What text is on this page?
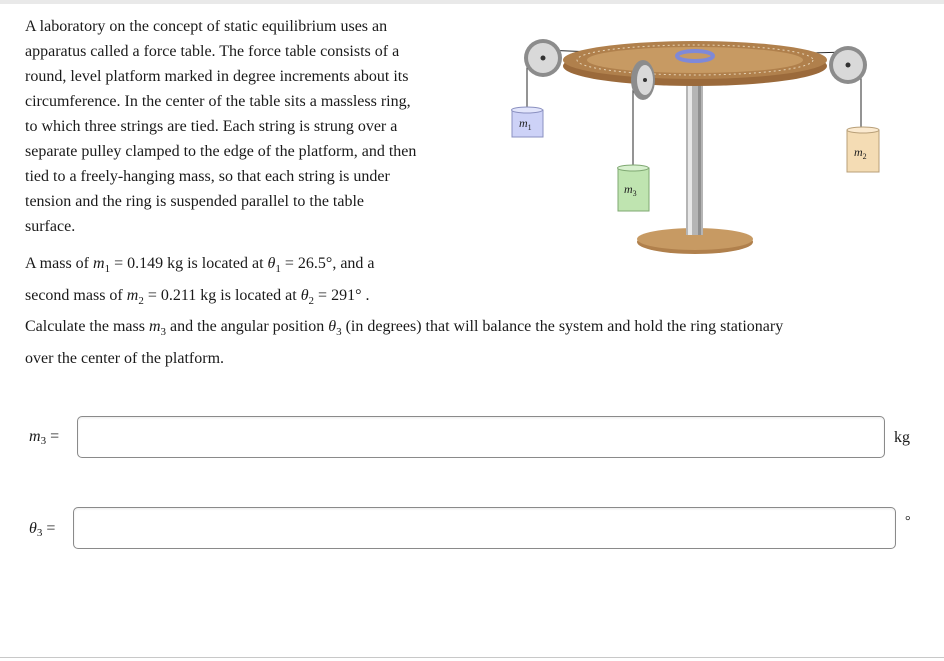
A laboratory on the concept of static equilibrium uses an
apparatus called a force table. The force table consists of a
round, level platform marked in degree increments about its
circumference. In the center of the table sits a massless ring,
to which three strings are tied. Each string is strung over a
separate pulley clamped to the edge of the platform, and then
tied to a freely-hanging mass, so that each string is under
tension and the ring is suspended parallel to the table
surface.
$m_1$
$m_2$
$m_3$
A mass of $m_1 = 0.149$ kg is located at $\theta_1 = 26.5^\circ$, and a
second mass of $m_2 = 0.211$ kg is located at $\theta_2 = 291^\circ$ .
Calculate the mass $m_3$ and the angular position $\theta_3$ (in degrees) that will balance the system and hold the ring stationary
over the center of the platform.
$m_3$ =	kg
$\theta_3$ =	°
